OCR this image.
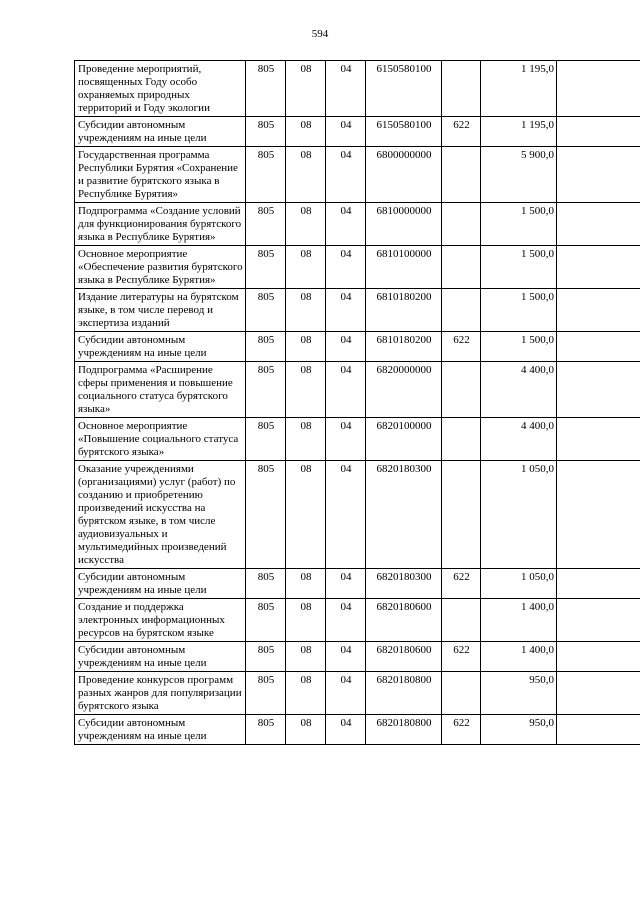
594
Проведение мероприятий, посвященных Году особо охраняемых природных территорий и Году экологии	805	08	04	6150580100		1 195,0	
Субсидии автономным учреждениям на иные цели	805	08	04	6150580100	622	1 195,0	
Государственная программа Республики Бурятия «Сохранение и развитие бурятского языка в Республике Бурятия»	805	08	04	6800000000		5 900,0	
Подпрограмма «Создание условий для функционирования бурятского языка в Республике Бурятия»	805	08	04	6810000000		1 500,0	
Основное мероприятие «Обеспечение развития бурятского языка в Республике Бурятия»	805	08	04	6810100000		1 500,0	
Издание литературы на бурятском языке, в том числе перевод и экспертиза изданий	805	08	04	6810180200		1 500,0	
Субсидии автономным учреждениям на иные цели	805	08	04	6810180200	622	1 500,0	
Подпрограмма «Расширение сферы применения и повышение социального статуса бурятского языка»	805	08	04	6820000000		4 400,0	
Основное мероприятие «Повышение социального статуса бурятского языка»	805	08	04	6820100000		4 400,0	
Оказание учреждениями (организациями) услуг (работ) по созданию и приобретению произведений искусства на бурятском языке, в том числе аудиовизуальных и мультимедийных произведений искусства	805	08	04	6820180300		1 050,0	
Субсидии автономным учреждениям на иные цели	805	08	04	6820180300	622	1 050,0	
Создание и поддержка электронных информационных ресурсов на бурятском языке	805	08	04	6820180600		1 400,0	
Субсидии автономным учреждениям на иные цели	805	08	04	6820180600	622	1 400,0	
Проведение конкурсов программ разных жанров для популяризации бурятского языка	805	08	04	6820180800		950,0	
Субсидии автономным учреждениям на иные цели	805	08	04	6820180800	622	950,0	
